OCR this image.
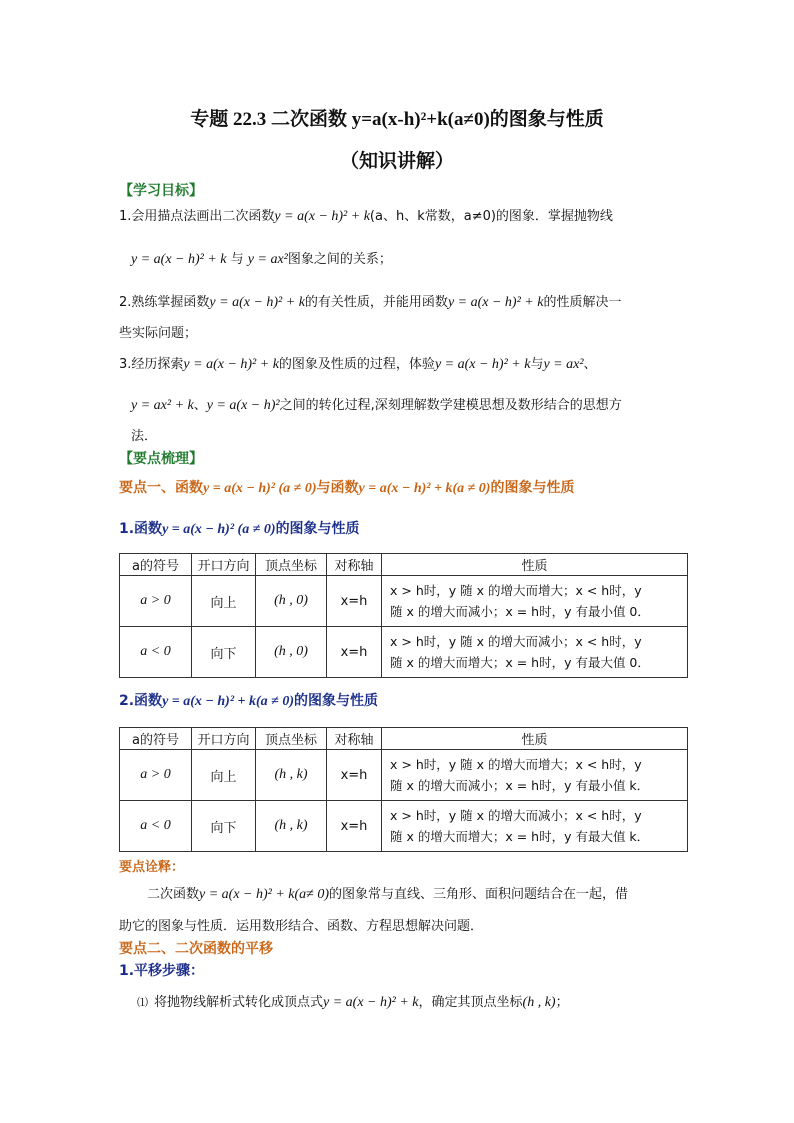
专题 22.3 二次函数 y=a(x-h)²+k(a≠0)的图象与性质
（知识讲解）
【学习目标】
1.会用描点法画出二次函数y = a(x − h)² + k(a、h、k常数，a≠0)的图象．掌握抛物线
y = a(x − h)² + k 与 y = ax²图象之间的关系；
2.熟练掌握函数y = a(x − h)² + k的有关性质，并能用函数y = a(x − h)² + k的性质解决一
些实际问题；
3.经历探索y = a(x − h)² + k的图象及性质的过程，体验y = a(x − h)² + k与y = ax²、
y = ax² + k、y = a(x − h)²之间的转化过程,深刻理解数学建模思想及数形结合的思想方
法．
【要点梳理】
要点一、函数y = a(x − h)² (a ≠ 0)与函数y = a(x − h)² + k(a ≠ 0)的图象与性质
1.函数y = a(x − h)² (a ≠ 0)的图象与性质
a的符号	开口方向	顶点坐标	对称轴	性质
a > 0	向上	(h , 0)	x=h	x > h时，y 随 x 的增大而增大；x < h时，y
随 x 的增大而减小；x = h时，y 有最小值 0．

a < 0	向下	(h , 0)	x=h	x > h时，y 随 x 的增大而减小；x < h时，y
随 x 的增大而增大；x = h时，y 有最大值 0．
2.函数y = a(x − h)² + k(a ≠ 0)的图象与性质
a的符号	开口方向	顶点坐标	对称轴	性质
a > 0	向上	(h , k)	x=h	x > h时，y 随 x 的增大而增大；x < h时，y
随 x 的增大而减小；x = h时，y 有最小值 k．

a < 0	向下	(h , k)	x=h	x > h时，y 随 x 的增大而减小；x < h时，y
随 x 的增大而增大；x = h时，y 有最大值 k．
要点诠释：
二次函数y = a(x − h)² + k(a≠ 0)的图象常与直线、三角形、面积问题结合在一起，借
助它的图象与性质．运用数形结合、函数、方程思想解决问题．
要点二、二次函数的平移
1.平移步骤：
⑴ 将抛物线解析式转化成顶点式y = a(x − h)² + k，确定其顶点坐标(h , k)；
